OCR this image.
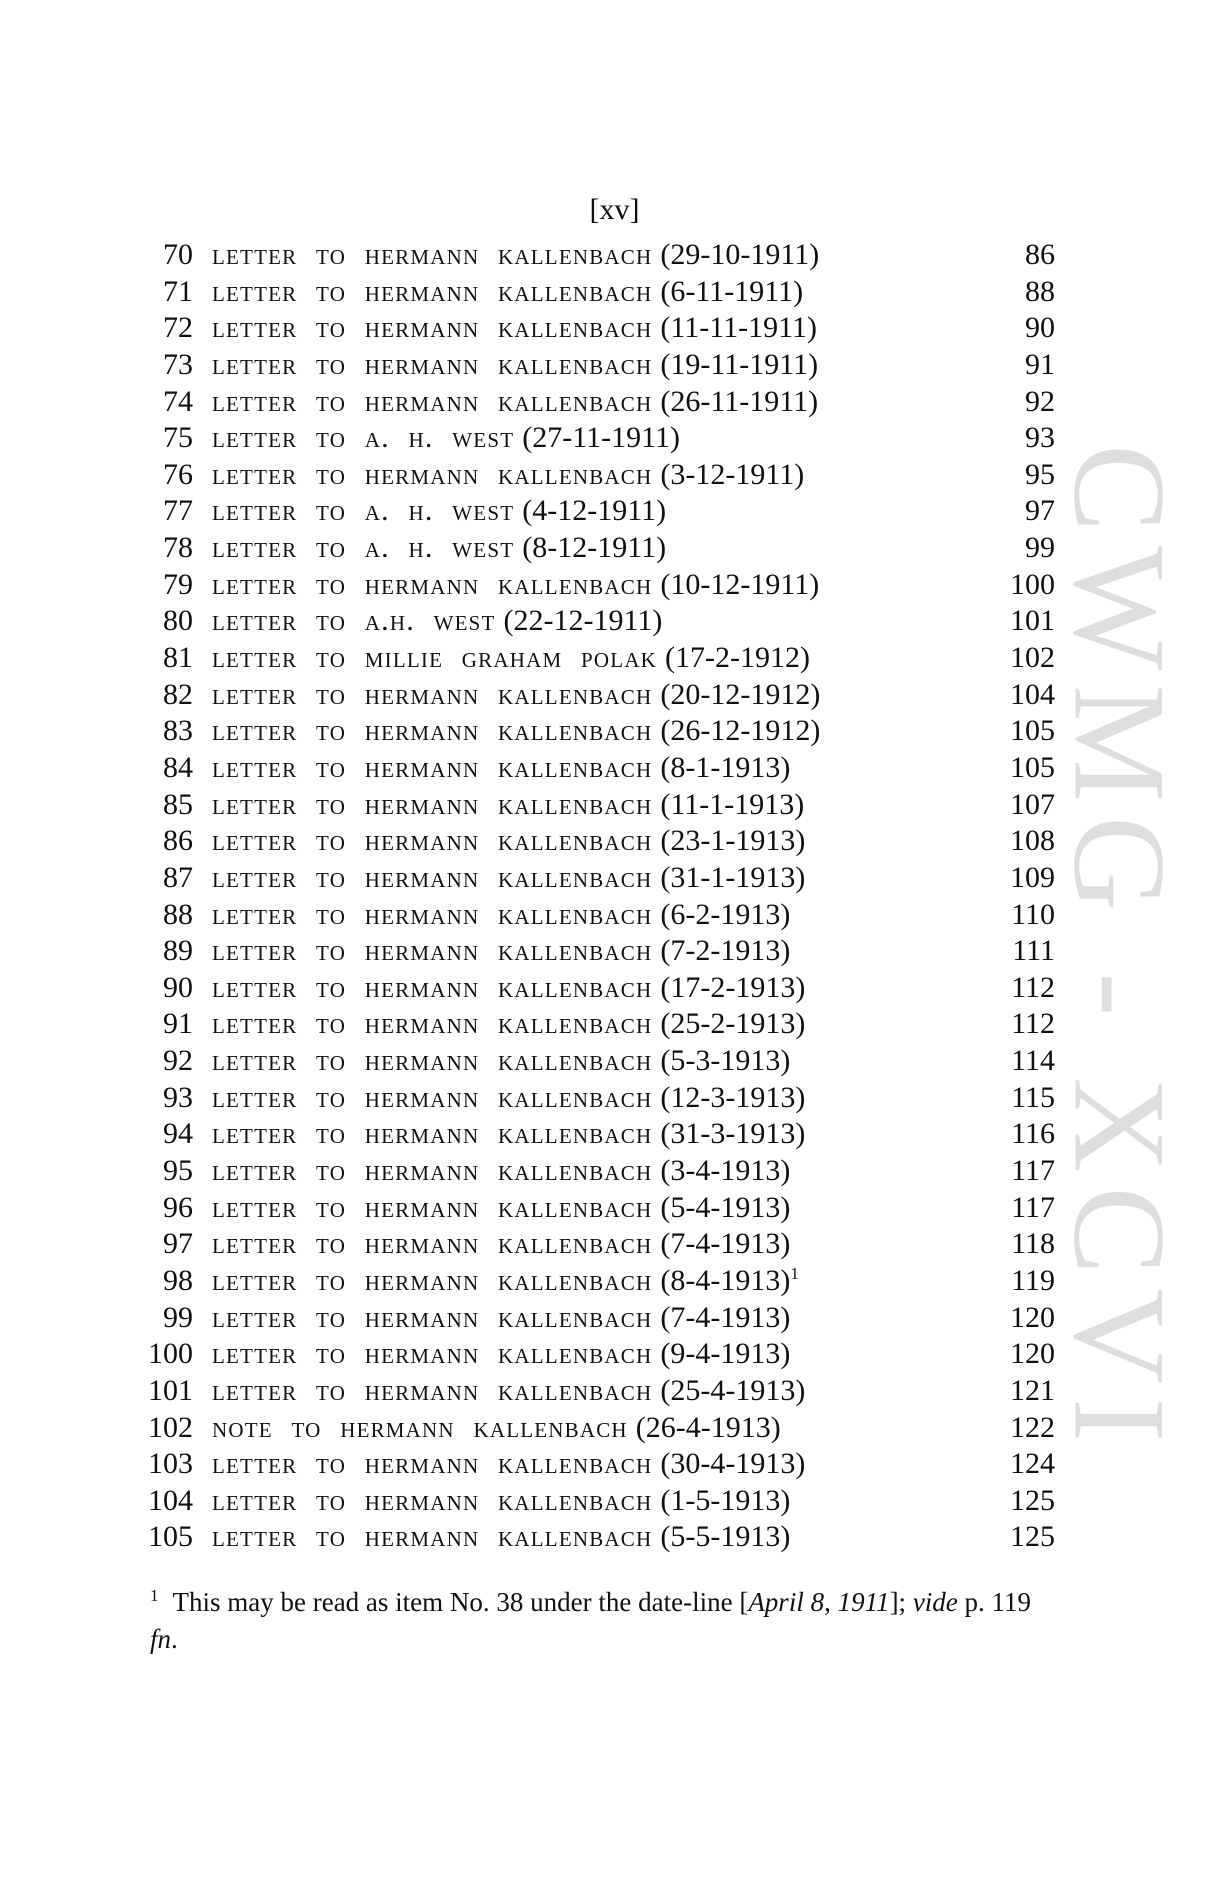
[xv]
70 letter to hermann kallenbach (29-10-1911)	86
71 letter to hermann kallenbach (6-11-1911)	88
72 letter to hermann kallenbach (11-11-1911)	90
73 letter to hermann kallenbach (19-11-1911)	91
74 letter to hermann kallenbach (26-11-1911)	92
75 letter to a. h. west (27-11-1911)	93
76 letter to hermann kallenbach (3-12-1911)	95
77 letter to a. h. west (4-12-1911)	97
78 letter to a. h. west (8-12-1911)	99
79 letter to hermann kallenbach (10-12-1911)	100
80 letter to a.h. west (22-12-1911)	101
81 letter to millie graham polak (17-2-1912)	102
82 letter to hermann kallenbach (20-12-1912)	104
83 letter to hermann kallenbach (26-12-1912)	105
84 letter to hermann kallenbach (8-1-1913)	105
85 letter to hermann kallenbach (11-1-1913)	107
86 letter to hermann kallenbach (23-1-1913)	108
87 letter to hermann kallenbach (31-1-1913)	109
88 letter to hermann kallenbach (6-2-1913)	110
89 letter to hermann kallenbach (7-2-1913)	111
90 letter to hermann kallenbach (17-2-1913)	112
91 letter to hermann kallenbach (25-2-1913)	112
92 letter to hermann kallenbach (5-3-1913)	114
93 letter to hermann kallenbach (12-3-1913)	115
94 letter to hermann kallenbach (31-3-1913)	116
95 letter to hermann kallenbach (3-4-1913)	117
96 letter to hermann kallenbach (5-4-1913)	117
97 letter to hermann kallenbach (7-4-1913)	118
98 letter to hermann kallenbach $(8-4-1913)^1$	119
99 letter to hermann kallenbach (7-4-1913)	120
100 letter to hermann kallenbach (9-4-1913)	120
101 letter to hermann kallenbach (25-4-1913)	121
102 note to hermann kallenbach (26-4-1913)	122
103 letter to hermann kallenbach (30-4-1913)	124
104 letter to hermann kallenbach (1-5-1913)	125
105 letter to hermann kallenbach (5-5-1913)	125
$^1$ This may be read as item No. 38 under the date-line [April 8, 1911]; vide p. 119 fn.
CWMG - XCVI
